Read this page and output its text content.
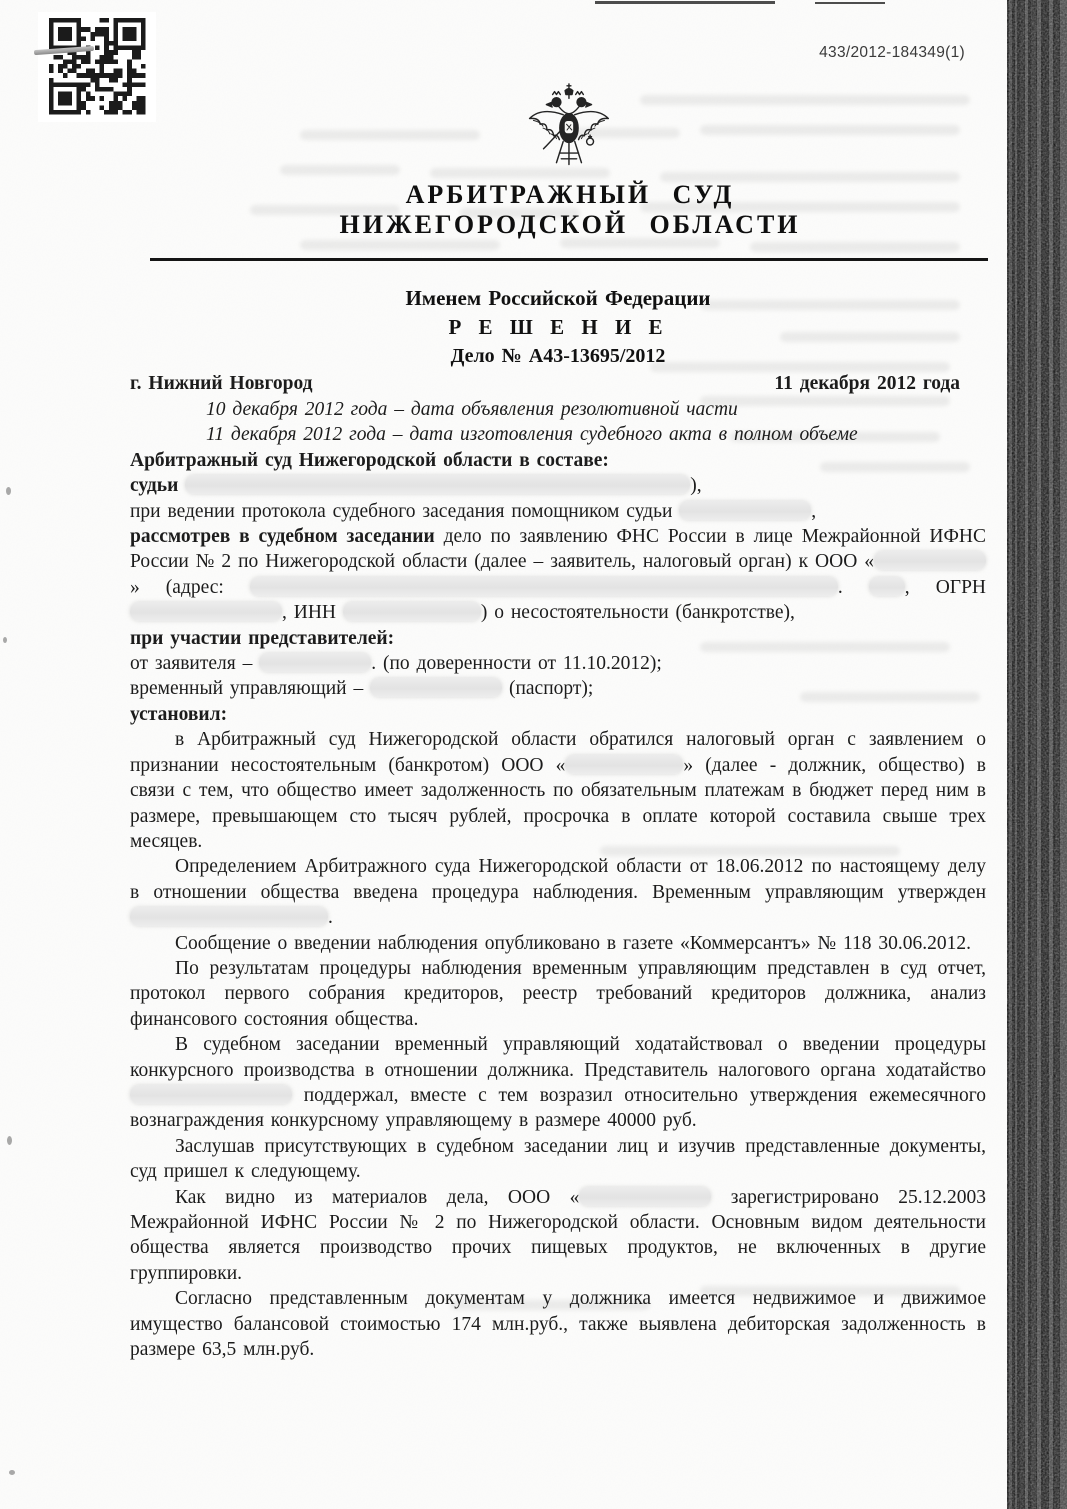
433/2012-184349(1)
АРБИТРАЖНЫЙ СУД
НИЖЕГОРОДСКОЙ ОБЛАСТИ
Именем Российской Федерации
Р Е Ш Е Н И Е
Дело № А43-13695/2012
г. Нижний Новгород	11 декабря 2012 года
10 декабря 2012 года – дата объявления резолютивной части
11 декабря 2012 года – дата изготовления судебного акта в полном объеме
Арбитражный суд Нижегородской области в составе:
судьи	),
при ведении протокола судебного заседания помощником судьи	,
рассмотрев в судебном заседании дело по заявлению ФНС России в лице Межрайонной ИФНС России № 2 по Нижегородской области (далее – заявитель, налоговый орган) к ООО «» (адрес:	.	, ОГРН , ИНН	) о несостоятельности (банкротстве),
при участии представителей:
от заявителя –	. (по доверенности от 11.10.2012);
временный управляющий –	(паспорт);
установил:
в Арбитражный суд Нижегородской области обратился налоговый орган с заявлением о признании несостоятельным (банкротом) ООО «	» (далее - должник, общество) в связи с тем, что общество имеет задолженность по обязательным платежам в бюджет перед ним в размере, превышающем сто тысяч рублей, просрочка в оплате которой составила свыше трех месяцев.
Определением Арбитражного суда Нижегородской области от 18.06.2012 по настоящему делу в отношении общества введена процедура наблюдения. Временным управляющим утвержден .
Сообщение о введении наблюдения опубликовано в газете «Коммерсантъ» № 118 30.06.2012.
По результатам процедуры наблюдения временным управляющим представлен в суд отчет, протокол первого собрания кредиторов, реестр требований кредиторов должника, анализ финансового состояния общества.
В судебном заседании временный управляющий ходатайствовал о введении процедуры конкурсного производства в отношении должника. Представитель налогового органа ходатайство  поддержал, вместе с тем возразил относительно утверждения ежемесячного вознаграждения конкурсному управляющему в размере 40000 руб.
Заслушав присутствующих в судебном заседании лиц и изучив представленные документы, суд пришел к следующему.
Как видно из материалов дела, ООО «	зарегистрировано 25.12.2003 Межрайонной ИФНС России № 2 по Нижегородской области. Основным видом деятельности общества является производство прочих пищевых продуктов, не включенных в другие группировки.
Согласно представленным документам у должника имеется недвижимое и движимое имущество балансовой стоимостью 174 млн.руб., также выявлена дебиторская задолженность в размере 63,5 млн.руб.
